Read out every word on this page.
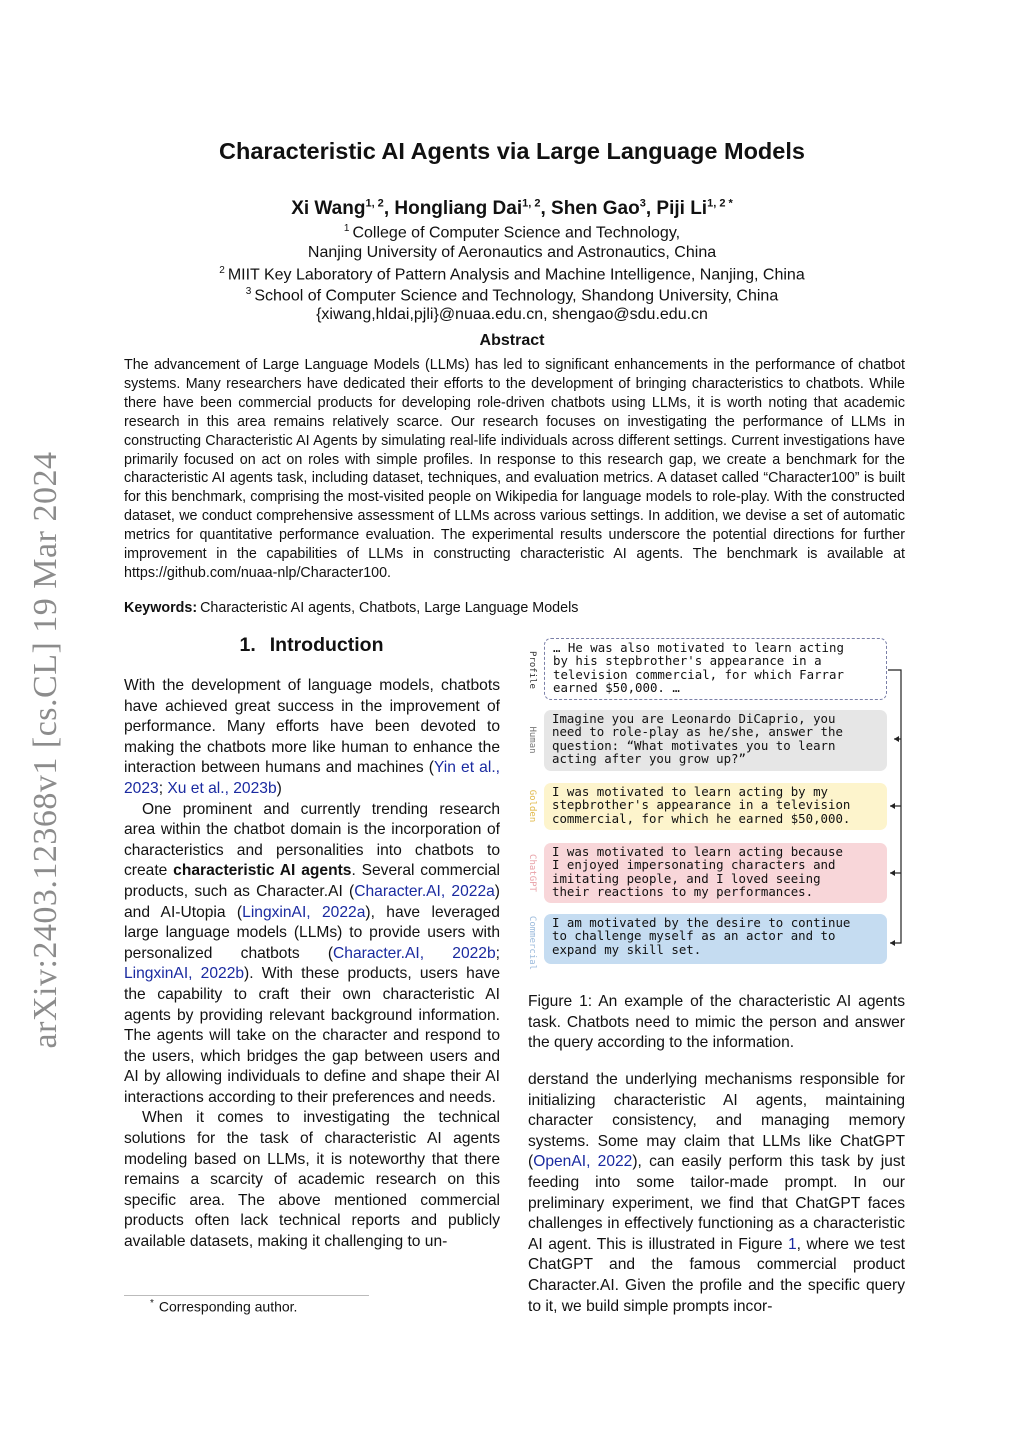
arXiv:2403.12368v1 [cs.CL] 19 Mar 2024
Characteristic AI Agents via Large Language Models
Xi Wang$^{1, 2}$, Hongliang Dai$^{1, 2}$, Shen Gao$^3$, Piji $Li^{1, 2 *}$
$^1$ College of Computer Science and Technology,
Nanjing University of Aeronautics and Astronautics, China
$^2$ MIIT Key Laboratory of Pattern Analysis and Machine Intelligence, Nanjing, China
$^3$ School of Computer Science and Technology, Shandong University, China
{xiwang,hldai,pjli}@nuaa.edu.cn, shengao@sdu.edu.cn
Abstract
The advancement of Large Language Models (LLMs) has led to significant enhancements in the performance of chatbot systems. Many researchers have dedicated their efforts to the development of bringing characteristics to chatbots. While there have been commercial products for developing role-driven chatbots using LLMs, it is worth noting that academic research in this area remains relatively scarce. Our research focuses on investigating the performance of LLMs in constructing Characteristic AI Agents by simulating real-life individuals across different settings. Current investigations have primarily focused on act on roles with simple profiles. In response to this research gap, we create a benchmark for the characteristic AI agents task, including dataset, techniques, and evaluation metrics. A dataset called “Character100” is built for this benchmark, comprising the most-visited people on Wikipedia for language models to role-play. With the constructed dataset, we conduct comprehensive assessment of LLMs across various settings. In addition, we devise a set of automatic metrics for quantitative performance evaluation. The experimental results underscore the potential directions for further improvement in the capabilities of LLMs in constructing characteristic AI agents. The benchmark is available at https://github.com/nuaa-nlp/Character100.
Keywords: Characteristic AI agents, Chatbots, Large Language Models
1. Introduction

With the development of language models, chatbots have achieved great success in the improvement of performance. Many efforts have been devoted to making the chatbots more like human to enhance the interaction between humans and machines (Yin et al., 2023; Xu et al., 2023b)

One prominent and currently trending research area within the chatbot domain is the incorporation of characteristics and personalities into chatbots to create characteristic AI agents. Several commercial products, such as Character.AI (Character.AI, 2022a) and AI-Utopia (LingxinAI, 2022a), have leveraged large language models (LLMs) to provide users with personalized chatbots (Character.AI, 2022b; LingxinAI, 2022b). With these products, users have the capability to craft their own characteristic AI agents by providing relevant background information. The agents will take on the character and respond to the users, which bridges the gap between users and AI by allowing individuals to define and shape their AI interactions according to their preferences and needs.

When it comes to investigating the technical solutions for the task of characteristic AI agents modeling based on LLMs, it is noteworthy that there remains a scarcity of academic research on this specific area. The above mentioned commercial products often lack technical reports and publicly available datasets, making it challenging to un-

* Corresponding author.
Profile
… He was also motivated to learn acting
by his stepbrother's appearance in a
television commercial, for which Farrar
earned $50,000. …
Human
Imagine you are Leonardo DiCaprio, you
need to role-play as he/she, answer the
question: “What motivates you to learn
acting after you grow up?”
Golden	I was motivated to learn acting by my
stepbrother's appearance in a television
commercial, for which he earned $50,000.
ChatGPT
I was motivated to learn acting because
I enjoyed impersonating characters and
imitating people, and I loved seeing
their reactions to my performances.
Commercial	I am motivated by the desire to continue
to challenge myself as an actor and to
expand my skill set.
Figure 1: An example of the characteristic AI agents task. Chatbots need to mimic the person and answer the query according to the information.

derstand the underlying mechanisms responsible for initializing characteristic AI agents, maintaining character consistency, and managing memory systems. Some may claim that LLMs like ChatGPT (OpenAI, 2022), can easily perform this task by just feeding into some tailor-made prompt. In our preliminary experiment, we find that ChatGPT faces challenges in effectively functioning as a characteristic AI agent. This is illustrated in Figure 1, where we test ChatGPT and the famous commercial product Character.AI. Given the profile and the specific query to it, we build simple prompts incor-
